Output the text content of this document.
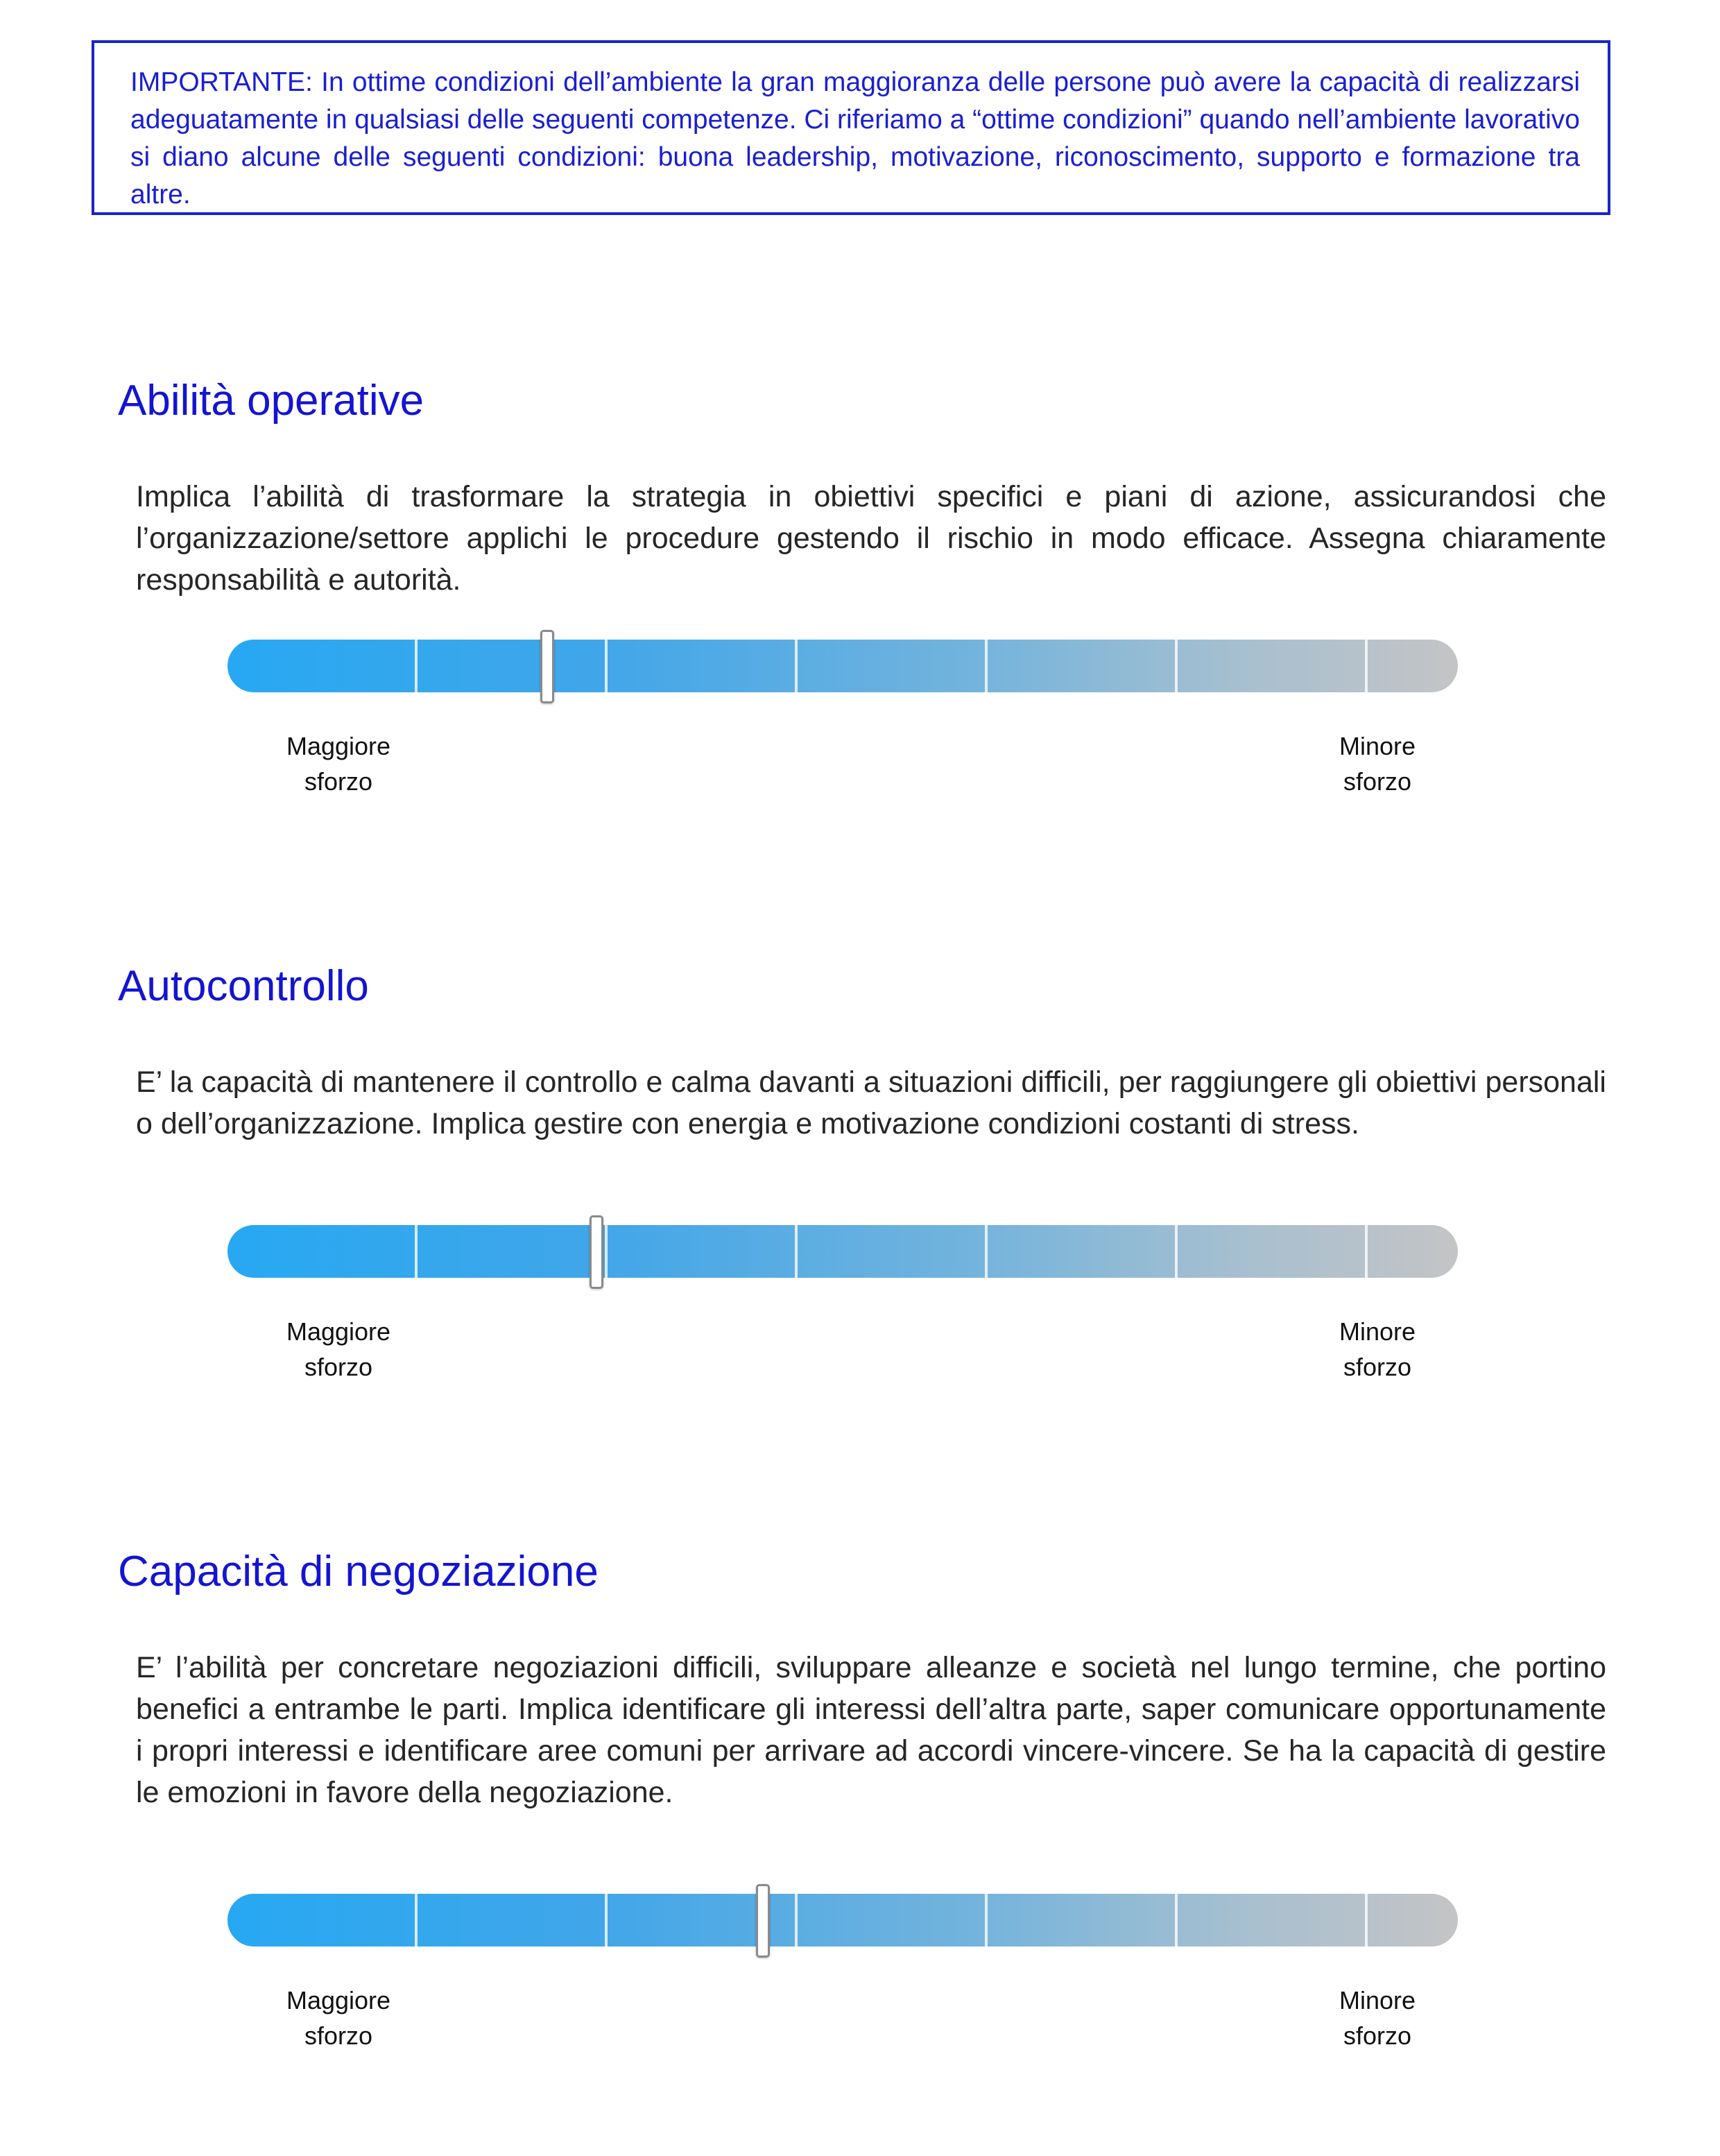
IMPORTANTE: In ottime condizioni dell’ambiente la gran maggioranza delle persone può avere la capacità di realizzarsi adeguatamente in qualsiasi delle seguenti competenze. Ci riferiamo a “ottime condizioni” quando nell’ambiente lavorativo si diano alcune delle seguenti condizioni: buona leadership, motivazione, riconoscimento, supporto e formazione tra altre.
Abilità operative

Implica l’abilità di trasformare la strategia in obiettivi specifici e piani di azione, assicurandosi che l’organizzazione/settore applichi le procedure gestendo il rischio in modo efficace. Assegna chiaramente responsabilità e autorità.

Maggiore
sforzo
Minore
sforzo
Autocontrollo

E’ la capacità di mantenere il controllo e calma davanti a situazioni difficili, per raggiungere gli obiettivi personali o dell’organizzazione. Implica gestire con energia e motivazione condizioni costanti di stress.

Maggiore
sforzo
Minore
sforzo
Capacità di negoziazione

E’ l’abilità per concretare negoziazioni difficili, sviluppare alleanze e società nel lungo termine, che portino benefici a entrambe le parti. Implica identificare gli interessi dell’altra parte, saper comunicare opportunamente i propri interessi e identificare aree comuni per arrivare ad accordi vincere-vincere. Se ha la capacità di gestire le emozioni in favore della negoziazione.

Maggiore
sforzo
Minore
sforzo
